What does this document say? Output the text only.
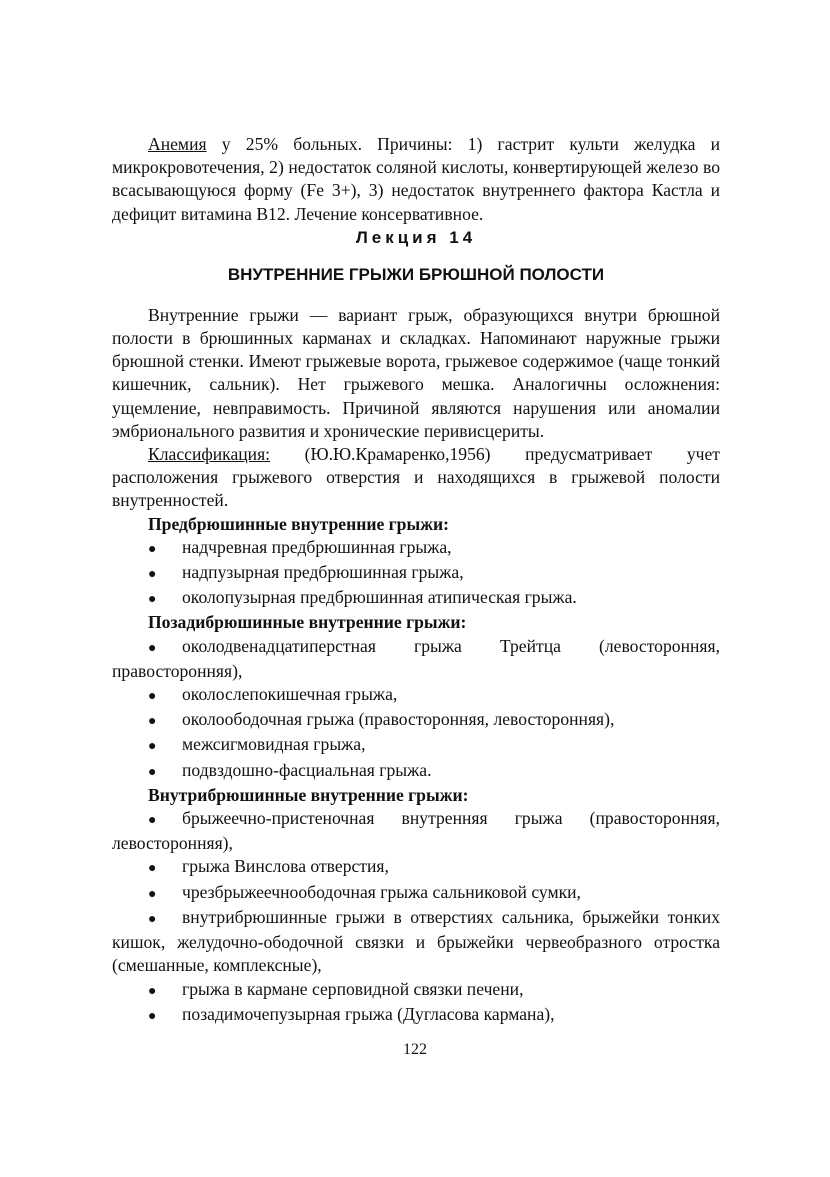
Анемия у 25% больных. Причины: 1) гастрит культи желудка и микрокровотечения, 2) недостаток соляной кислоты, конвертирующей железо во всасывающуюся форму (Fe 3+), 3) недостаток внутреннего фактора Кастла и дефицит витамина В12. Лечение консервативное.

Лекция 14
ВНУТРЕННИЕ ГРЫЖИ БРЮШНОЙ ПОЛОСТИ

Внутренние грыжи — вариант грыж, образующихся внутри брюшной полости в брюшинных карманах и складках. Напоминают наружные грыжи брюшной стенки. Имеют грыжевые ворота, грыжевое содержимое (чаще тонкий кишечник, сальник). Нет грыжевого мешка. Аналогичны осложнения: ущемление, невправимость. Причиной являются нарушения или аномалии эмбрионального развития и хронические перивисцериты.

Классификация: (Ю.Ю.Крамаренко,1956) предусматривает учет расположения грыжевого отверстия и находящихся в грыжевой полости внутренностей.

Предбрюшинные внутренние грыжи:

● надчревная предбрюшинная грыжа,
● надпузырная предбрюшинная грыжа,
● околопузырная предбрюшинная атипическая грыжа.

Позадибрюшинные внутренние грыжи:

● околодвенадцатиперстная грыжа Трейтца (левосторонняя, правосторонняя),
● околослепокишечная грыжа,
● околоободочная грыжа (правосторонняя, левосторонняя),
● межсигмовидная грыжа,
● подвздошно-фасциальная грыжа.

Внутрибрюшинные внутренние грыжи:

● брыжеечно-пристеночная внутренняя грыжа (правосторонняя, левосторонняя),
● грыжа Винслова отверстия,
● чрезбрыжеечноободочная грыжа сальниковой сумки,
● внутрибрюшинные грыжи в отверстиях сальника, брыжейки тонких кишок, желудочно-ободочной связки и брыжейки червеобразного отростка (смешанные, комплексные),
● грыжа в кармане серповидной связки печени,
● позадимочепузырная грыжа (Дугласова кармана),
122
